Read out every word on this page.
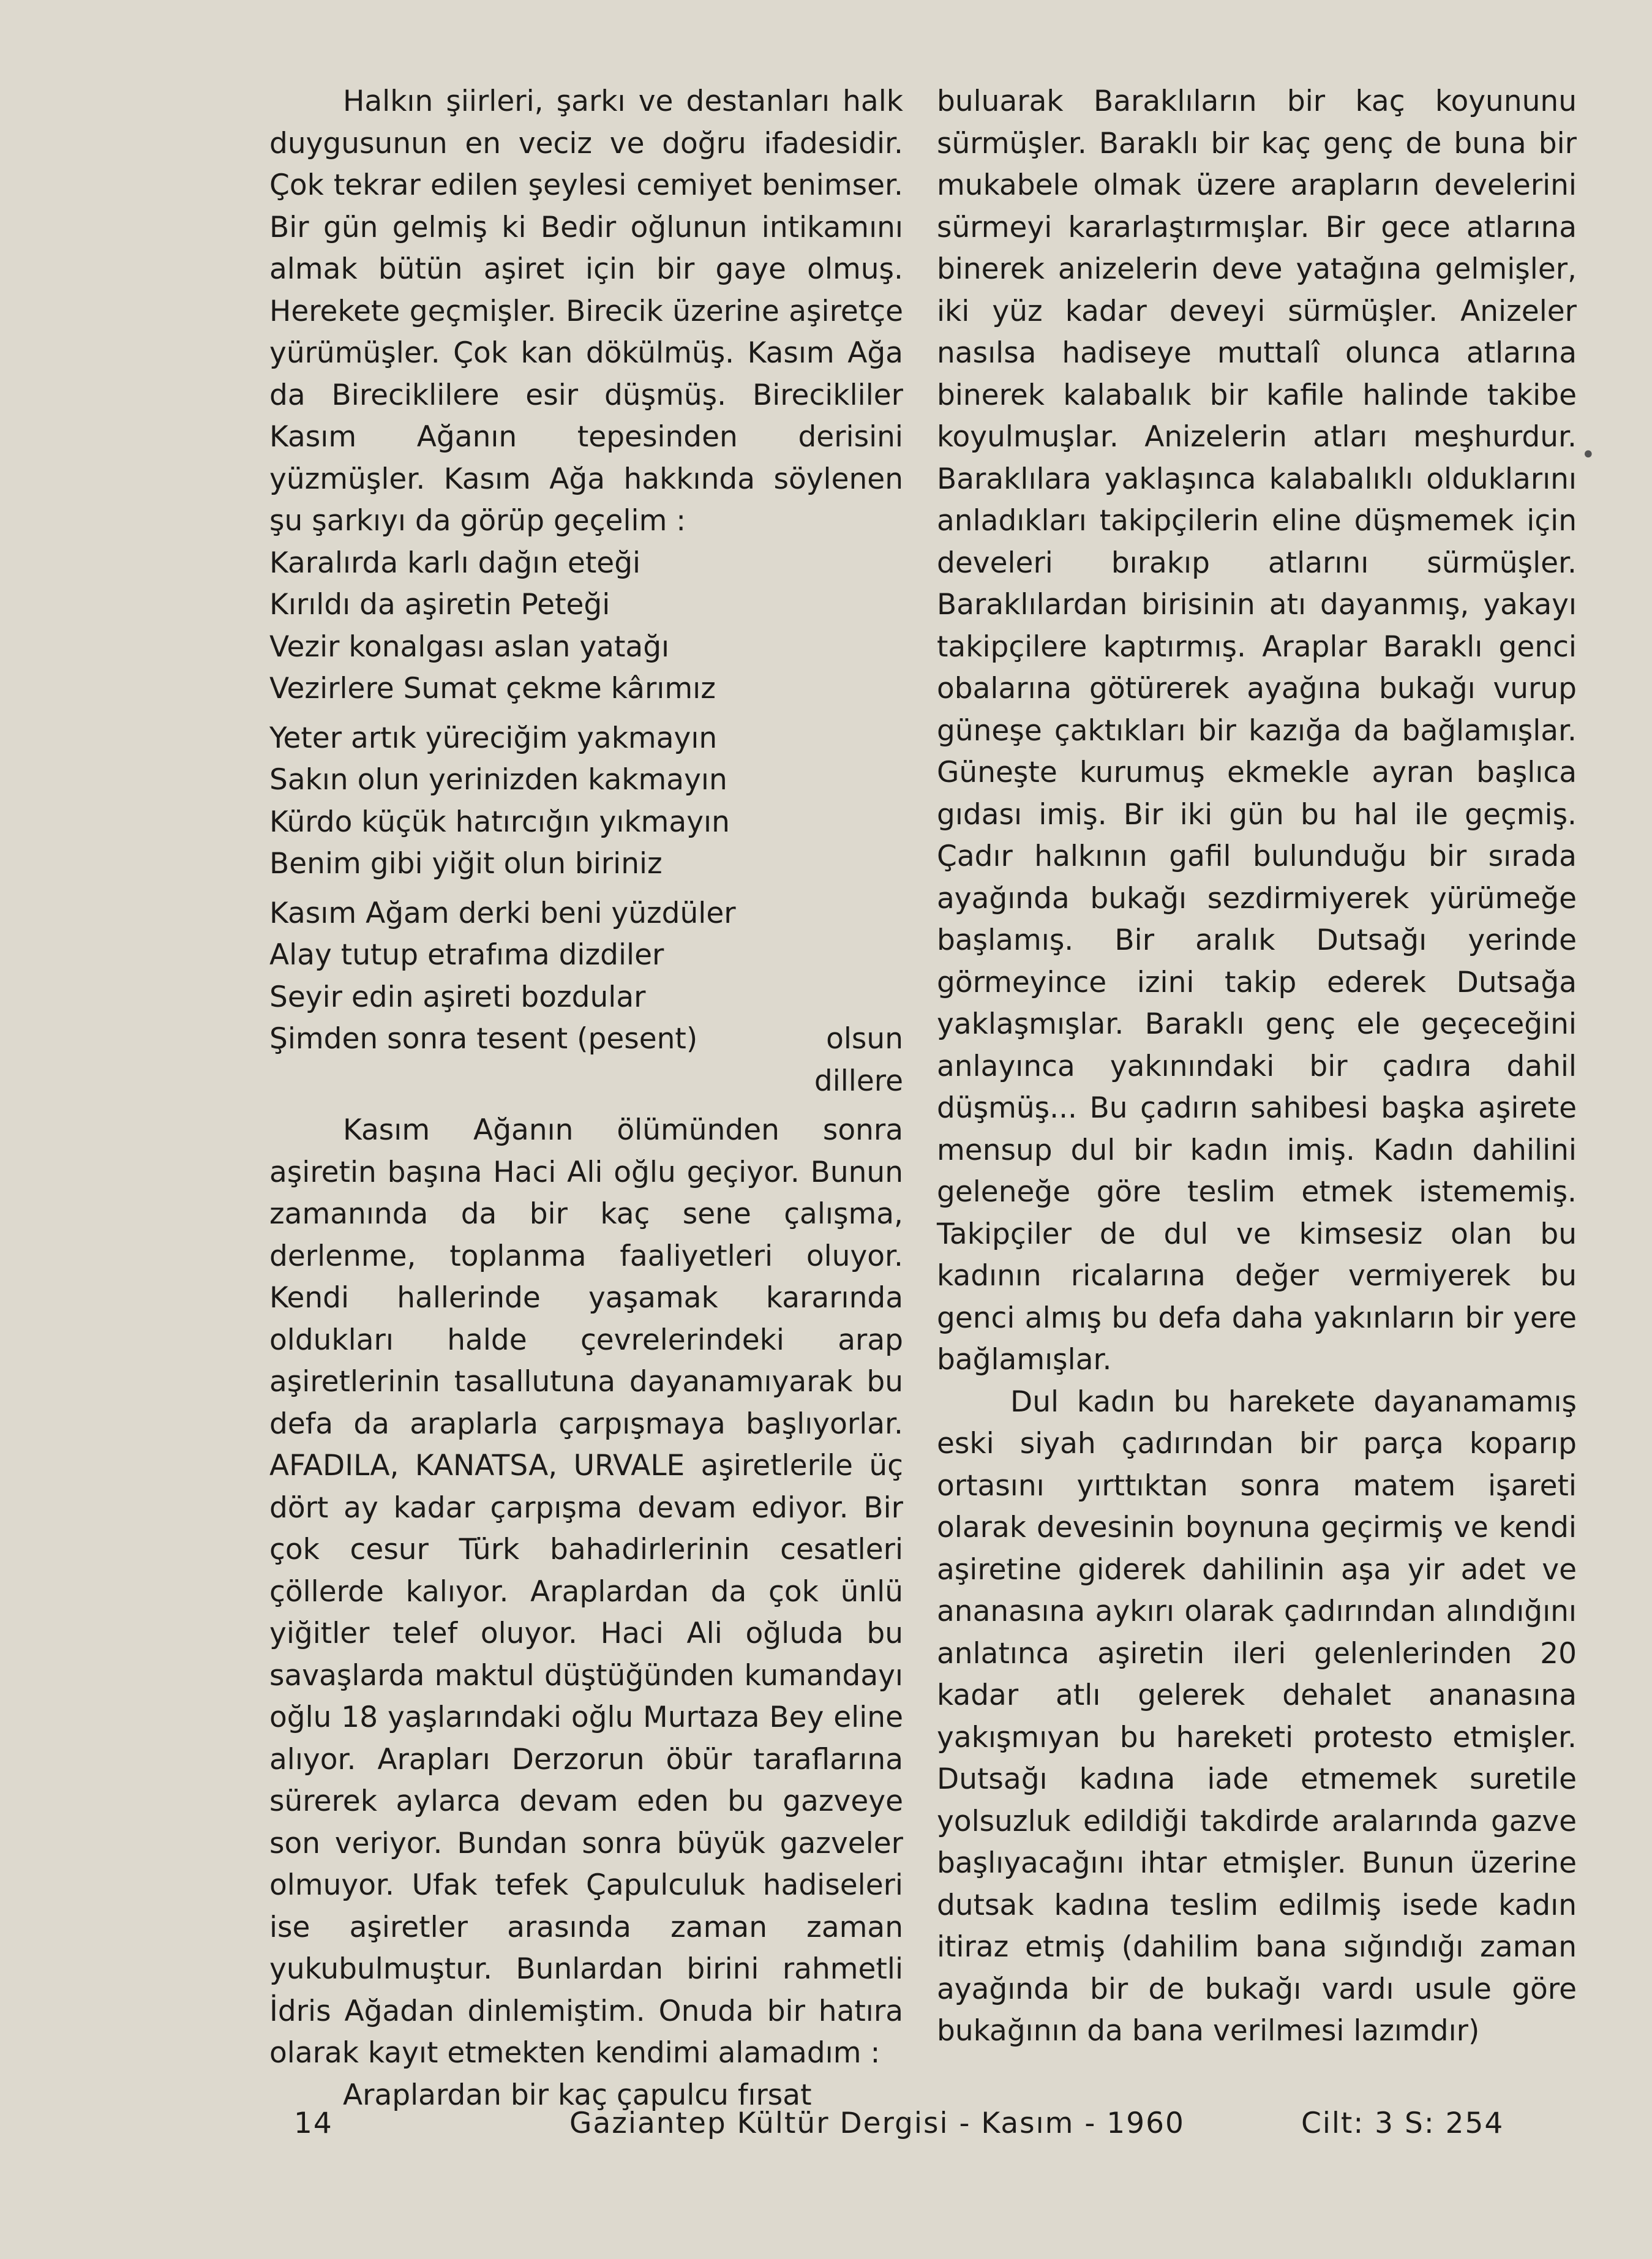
Halkın şiirleri, şarkı ve destanları halk duygusunun en veciz ve doğru ifadesidir. Çok tekrar edilen şeylesi cemiyet benimser. Bir gün gelmiş ki Bedir oğlunun intikamını almak bütün aşiret için bir gaye olmuş. Herekete geçmişler. Birecik üzerine aşiretçe yürümüşler. Çok kan dökülmüş. Kasım Ağa da Bireciklilere esir düşmüş. Birecikliler Kasım Ağanın tepesinden derisini yüzmüşler. Kasım Ağa hakkında söylenen şu şarkıyı da görüp geçelim :

Karalırda karlı dağın eteği
Kırıldı da aşiretin Peteği
Vezir konalgası aslan yatağı
Vezirlere Sumat çekme kârımız
Yeter artık yüreciğim yakmayın
Sakın olun yerinizden kakmayın
Kürdo küçük hatırcığın yıkmayın
Benim gibi yiğit olun biriniz
Kasım Ağam derki beni yüzdüler
Alay tutup etrafıma dizdiler
Seyir edin aşireti bozdular
Şimden sonra tesent (pesent)	olsun
dillere

Kasım Ağanın ölümünden sonra aşiretin başına Haci Ali oğlu geçiyor. Bunun zamanında da bir kaç sene çalışma, derlenme, toplanma faaliyetleri oluyor. Kendi hallerinde yaşamak kararında oldukları halde çevrelerindeki arap aşiretlerinin tasallutuna dayanamıyarak bu defa da araplarla çarpışmaya başlıyorlar. AFADILA, KANATSA, URVALE aşiretlerile üç dört ay kadar çarpışma devam ediyor. Bir çok cesur Türk bahadirlerinin cesatleri çöllerde kalıyor. Araplardan da çok ünlü yiğitler telef oluyor. Haci Ali oğluda bu savaşlarda maktul düştüğünden kumandayı oğlu 18 yaşlarındaki oğlu Murtaza Bey eline alıyor. Arapları Derzorun öbür taraflarına sürerek aylarca devam eden bu gazveye son veriyor. Bundan sonra büyük gazveler olmuyor. Ufak tefek Çapulculuk hadiseleri ise aşiretler arasında zaman zaman yukubulmuştur. Bunlardan birini rahmetli İdris Ağadan dinlemiştim. Onuda bir hatıra olarak kayıt etmekten kendimi alamadım :

Araplardan bir kaç çapulcu fırsat

buluarak Baraklıların bir kaç koyununu sürmüşler. Baraklı bir kaç genç de buna bir mukabele olmak üzere arapların develerini sürmeyi kararlaştırmışlar. Bir gece atlarına binerek anizelerin deve yatağına gelmişler, iki yüz kadar deveyi sürmüşler. Anizeler nasılsa hadiseye muttalî olunca atlarına binerek kalabalık bir kafile halinde takibe koyulmuşlar. Anizelerin atları meşhurdur. Baraklılara yaklaşınca kalabalıklı olduklarını anladıkları takipçilerin eline düşmemek için develeri bırakıp atlarını sürmüşler. Baraklılardan birisinin atı dayanmış, yakayı takipçilere kaptırmış. Araplar Baraklı genci obalarına götürerek ayağına bukağı vurup güneşe çaktıkları bir kazığa da bağlamışlar. Güneşte kurumuş ekmekle ayran başlıca gıdası imiş. Bir iki gün bu hal ile geçmiş. Çadır halkının gafil bulunduğu bir sırada ayağında bukağı sezdirmiyerek yürümeğe başlamış. Bir aralık Dutsağı yerinde görmeyince izini takip ederek Dutsağa yaklaşmışlar. Baraklı genç ele geçeceğini anlayınca yakınındaki bir çadıra dahil düşmüş... Bu çadırın sahibesi başka aşirete mensup dul bir kadın imiş. Kadın dahilini geleneğe göre teslim etmek istememiş. Takipçiler de dul ve kimsesiz olan bu kadının ricalarına değer vermiyerek bu genci almış bu defa daha yakınların bir yere bağlamışlar.

Dul kadın bu harekete dayanamamış eski siyah çadırından bir parça koparıp ortasını yırttıktan sonra matem işareti olarak devesinin boynuna geçirmiş ve kendi aşiretine giderek dahilinin aşa yir adet ve ananasına aykırı olarak çadırından alındığını anlatınca aşiretin ileri gelenlerinden 20 kadar atlı gelerek dehalet ananasına yakışmıyan bu hareketi protesto etmişler. Dutsağı kadına iade etmemek suretile yolsuzluk edildiği takdirde aralarında gazve başlıyacağını ihtar etmişler. Bunun üzerine dutsak kadına teslim edilmiş isede kadın itiraz etmiş (dahilim bana sığındığı zaman ayağında bir de bukağı vardı usule göre bukağının da bana verilmesi lazımdır)

•
14	Gaziantep Kültür Dergisi - Kasım - 1960	Cilt: 3 S: 254
